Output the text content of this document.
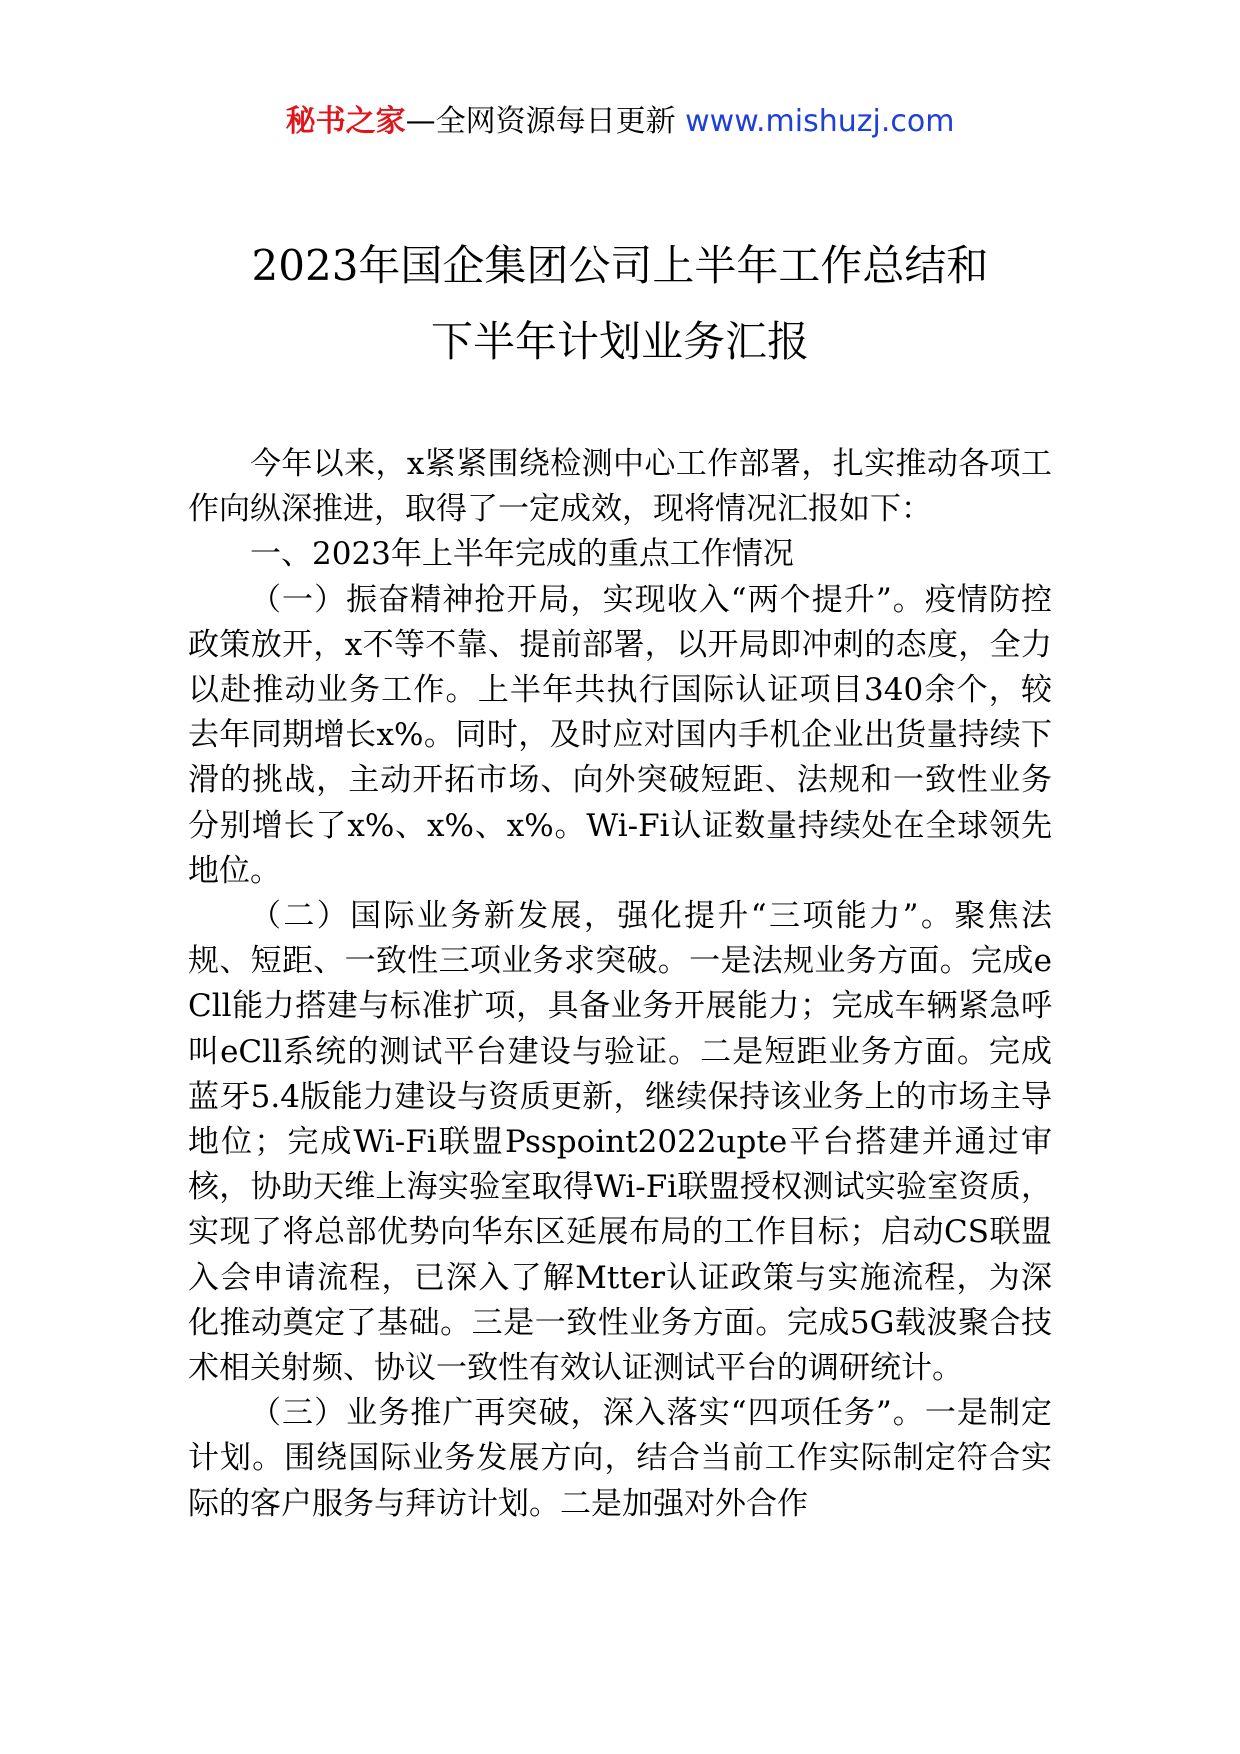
秘书之家—全网资源每日更新 www.mishuzj.com
2023年国企集团公司上半年工作总结和
下半年计划业务汇报

今年以来，x紧紧围绕检测中心工作部署，扎实推动各项工作向纵深推进，取得了一定成效，现将情况汇报如下：

一、2023年上半年完成的重点工作情况

（一）振奋精神抢开局，实现收入“两个提升”。疫情防控政策放开，x不等不靠、提前部署，以开局即冲刺的态度，全力以赴推动业务工作。上半年共执行国际认证项目340余个，较去年同期增长x%。同时，及时应对国内手机企业出货量持续下滑的挑战，主动开拓市场、向外突破短距、法规和一致性业务分别增长了x%、x%、x%。Wi-Fi认证数量持续处在全球领先地位。

（二）国际业务新发展，强化提升“三项能力”。聚焦法规、短距、一致性三项业务求突破。一是法规业务方面。完成eCll能力搭建与标准扩项，具备业务开展能力；完成车辆紧急呼叫eCll系统的测试平台建设与验证。二是短距业务方面。完成蓝牙5.4版能力建设与资质更新，继续保持该业务上的市场主导地位；完成Wi-Fi联盟Psspoint2022upte平台搭建并通过审核，协助天维上海实验室取得Wi-Fi联盟授权测试实验室资质，实现了将总部优势向华东区延展布局的工作目标；启动CS联盟入会申请流程，已深入了解Mtter认证政策与实施流程，为深化推动奠定了基础。三是一致性业务方面。完成5G载波聚合技术相关射频、协议一致性有效认证测试平台的调研统计。

（三）业务推广再突破，深入落实“四项任务”。一是制定计划。围绕国际业务发展方向，结合当前工作实际制定符合实际的客户服务与拜访计划。二是加强对外合作
